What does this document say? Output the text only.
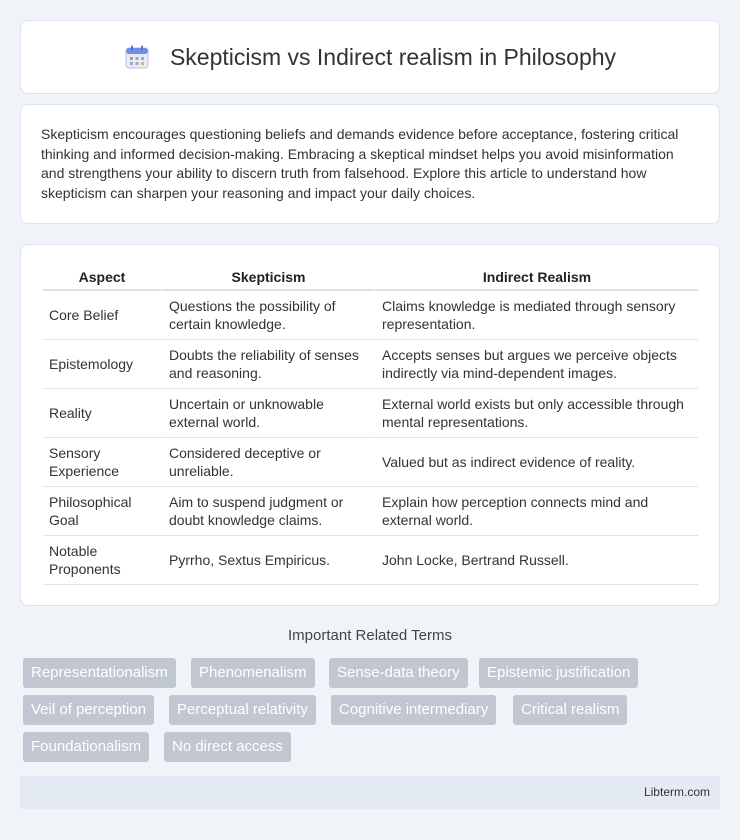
Skepticism vs Indirect realism in Philosophy

Skepticism encourages questioning beliefs and demands evidence before acceptance, fostering critical thinking and informed decision-making. Embracing a skeptical mindset helps you avoid misinformation and strengthens your ability to discern truth from falsehood. Explore this article to understand how skepticism can sharpen your reasoning and impact your daily choices.

Aspect	Skepticism	Indirect Realism
Core Belief	Questions the possibility of certain knowledge.	Claims knowledge is mediated through sensory representation.
Epistemology	Doubts the reliability of senses and reasoning.	Accepts senses but argues we perceive objects indirectly via mind-dependent images.
Reality	Uncertain or unknowable external world.	External world exists but only accessible through mental representations.
Sensory Experience	Considered deceptive or unreliable.	Valued but as indirect evidence of reality.
Philosophical Goal	Aim to suspend judgment or doubt knowledge claims.	Explain how perception connects mind and external world.
Notable Proponents	Pyrrho, Sextus Empiricus.	John Locke, Bertrand Russell.
Important Related Terms
Representationalism	Phenomenalism	Sense-data theory	Epistemic justification
Veil of perception	Perceptual relativity	Cognitive intermediary	Critical realism
Foundationalism	No direct access
Libterm.com
